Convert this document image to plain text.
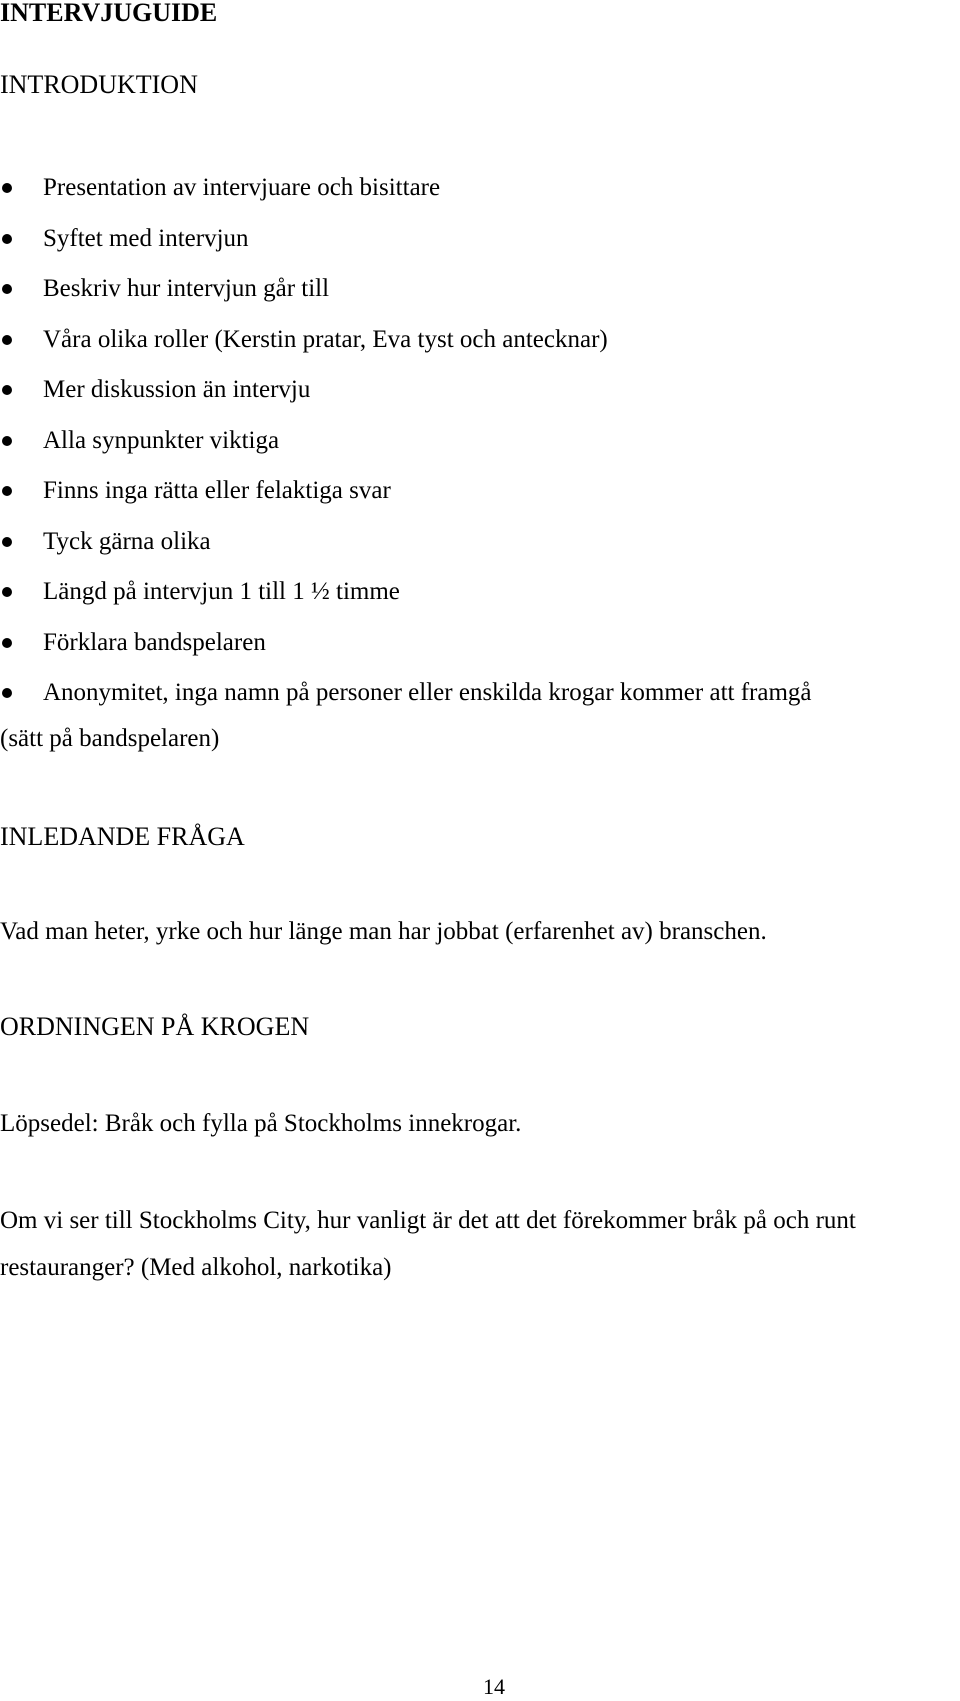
INTERVJUGUIDE
INTRODUKTION
Presentation av intervjuare och bisittare
Syftet med intervjun
Beskriv hur intervjun går till
Våra olika roller (Kerstin pratar, Eva tyst och antecknar)
Mer diskussion än intervju
Alla synpunkter viktiga
Finns inga rätta eller felaktiga svar
Tyck gärna olika
Längd på intervjun 1 till 1 ½ timme
Förklara bandspelaren
Anonymitet, inga namn på personer eller enskilda krogar kommer att framgå
(sätt på bandspelaren)
INLEDANDE FRÅGA
Vad man heter, yrke och hur länge man har jobbat (erfarenhet av) branschen.
ORDNINGEN PÅ KROGEN
Löpsedel: Bråk och fylla på Stockholms innekrogar.
Om vi ser till Stockholms City, hur vanligt är det att det förekommer bråk på och runt
restauranger? (Med alkohol, narkotika)
14
